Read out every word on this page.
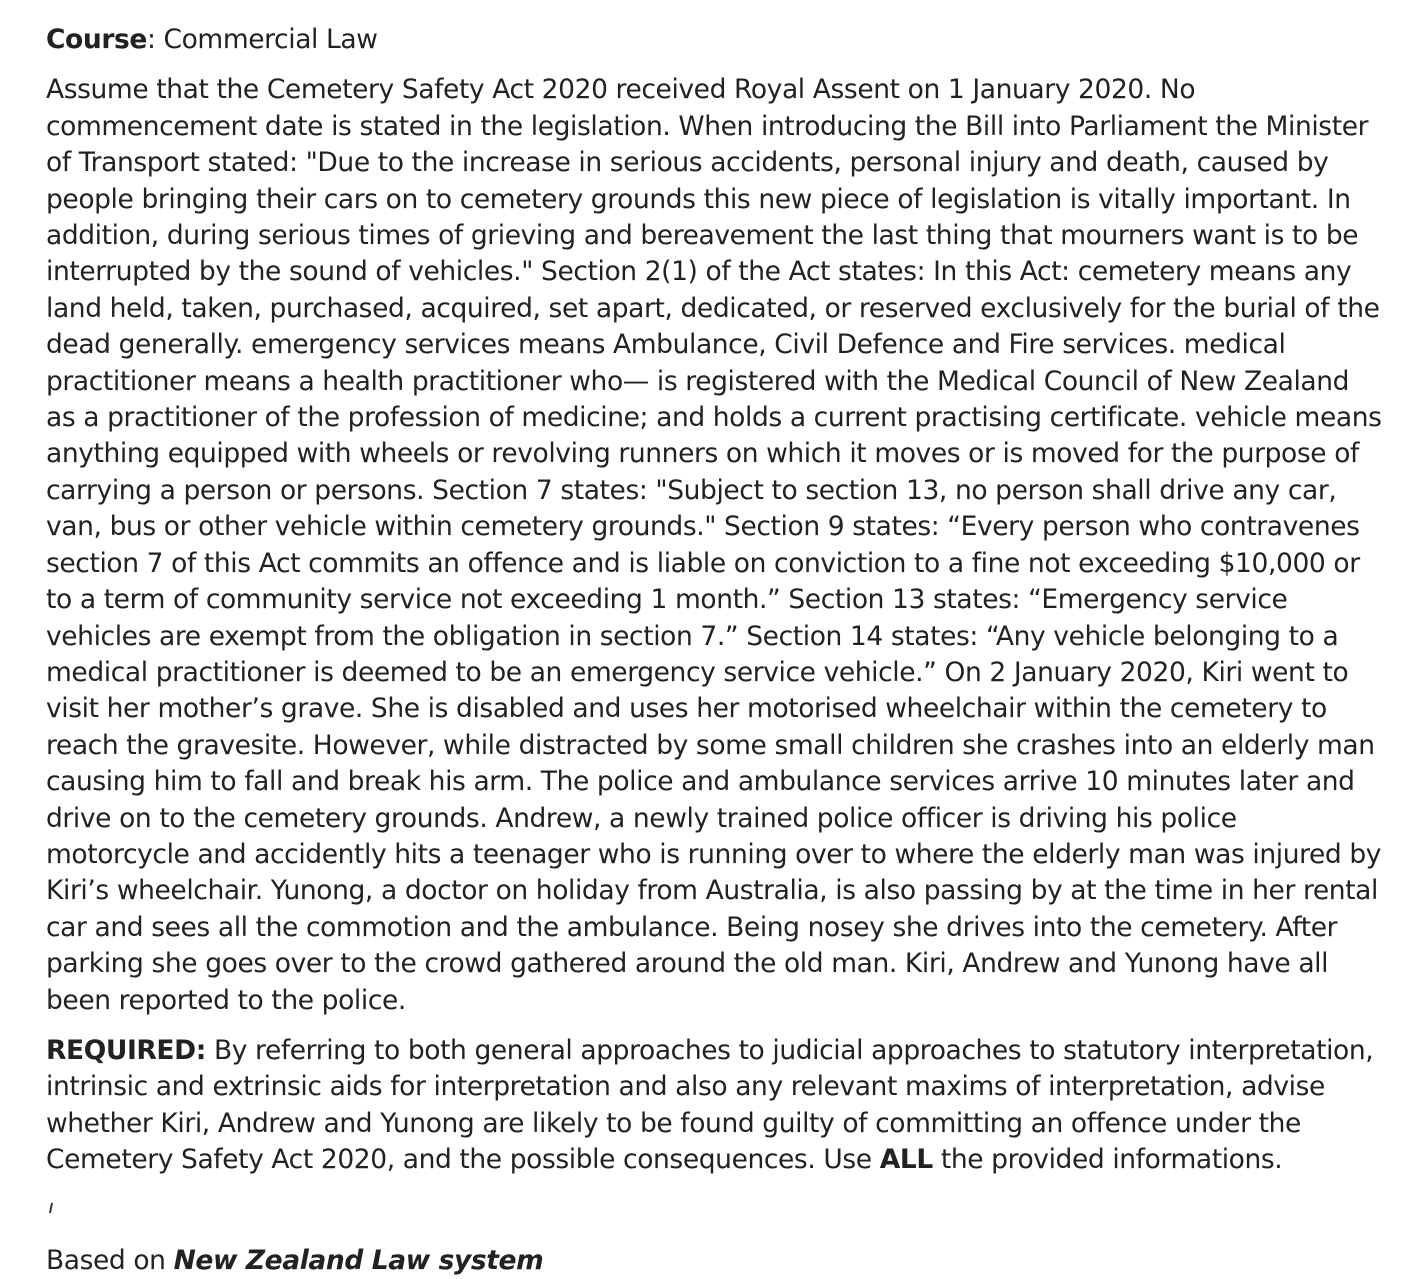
Course: Commercial Law

Assume that the Cemetery Safety Act 2020 received Royal Assent on 1 January 2020. No commencement date is stated in the legislation. When introducing the Bill into Parliament the Minister of Transport stated: "Due to the increase in serious accidents, personal injury and death, caused by people bringing their cars on to cemetery grounds this new piece of legislation is vitally important. In addition, during serious times of grieving and bereavement the last thing that mourners want is to be interrupted by the sound of vehicles." Section 2(1) of the Act states: In this Act: cemetery means any land held, taken, purchased, acquired, set apart, dedicated, or reserved exclusively for the burial of the dead generally. emergency services means Ambulance, Civil Defence and Fire services. medical practitioner means a health practitioner who— is registered with the Medical Council of New Zealand as a practitioner of the profession of medicine; and holds a current practising certificate. vehicle means anything equipped with wheels or revolving runners on which it moves or is moved for the purpose of carrying a person or persons. Section 7 states: "Subject to section 13, no person shall drive any car, van, bus or other vehicle within cemetery grounds." Section 9 states: “Every person who contravenes section 7 of this Act commits an offence and is liable on conviction to a fine not exceeding $10,000 or to a term of community service not exceeding 1 month.” Section 13 states: “Emergency service vehicles are exempt from the obligation in section 7.” Section 14 states: “Any vehicle belonging to a medical practitioner is deemed to be an emergency service vehicle.” On 2 January 2020, Kiri went to visit her mother’s grave. She is disabled and uses her motorised wheelchair within the cemetery to reach the gravesite. However, while distracted by some small children she crashes into an elderly man causing him to fall and break his arm. The police and ambulance services arrive 10 minutes later and drive on to the cemetery grounds. Andrew, a newly trained police officer is driving his police motorcycle and accidently hits a teenager who is running over to where the elderly man was injured by Kiri’s wheelchair. Yunong, a doctor on holiday from Australia, is also passing by at the time in her rental car and sees all the commotion and the ambulance. Being nosey she drives into the cemetery. After parking she goes over to the crowd gathered around the old man. Kiri, Andrew and Yunong have all been reported to the police.

REQUIRED: By referring to both general approaches to judicial approaches to statutory interpretation, intrinsic and extrinsic aids for interpretation and also any relevant maxims of interpretation, advise whether Kiri, Andrew and Yunong are likely to be found guilty of committing an offence under the Cemetery Safety Act 2020, and the possible consequences. Use ALL the provided informations.

Based on New Zealand Law system
